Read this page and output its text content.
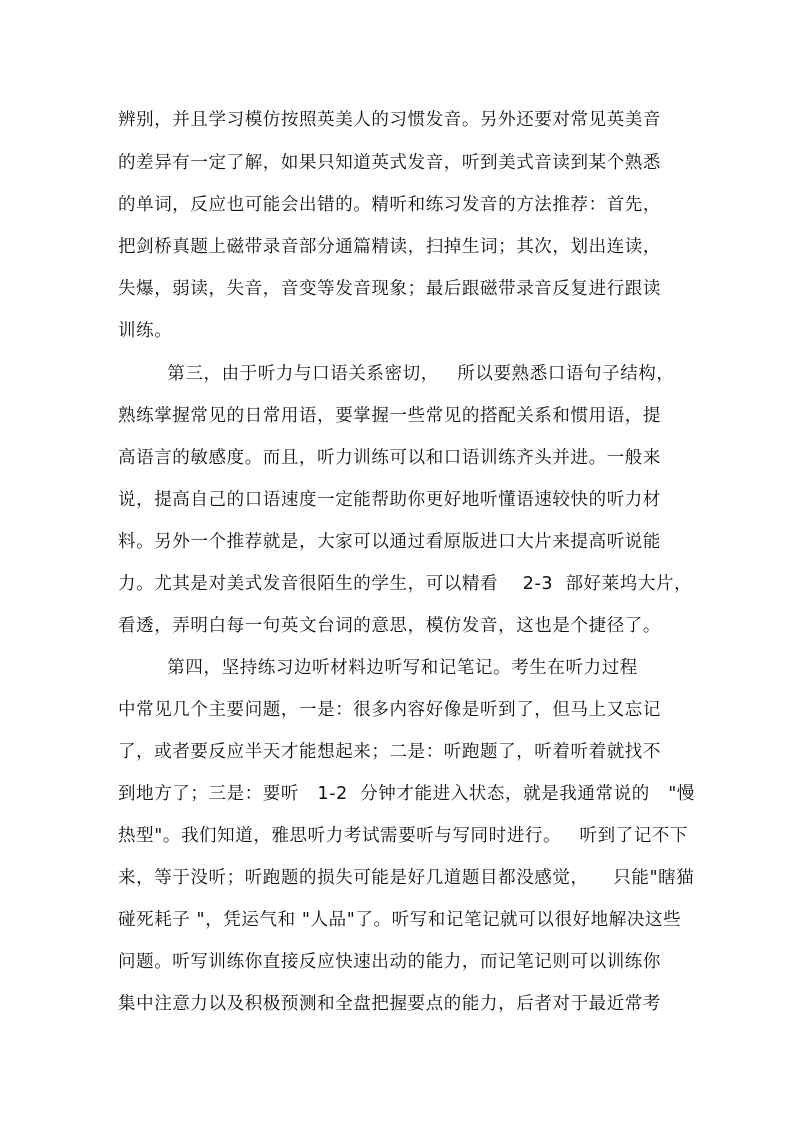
辨别，并且学习模仿按照英美人的习惯发音。另外还要对常见英美音
的差异有一定了解，如果只知道英式发音，听到美式音读到某个熟悉
的单词，反应也可能会出错的。精听和练习发音的方法推荐：首先，
把剑桥真题上磁带录音部分通篇精读，扫掉生词；其次，划出连读，
失爆，弱读，失音，音变等发音现象；最后跟磁带录音反复进行跟读
训练。
第三，由于听力与口语关系密切，   所以要熟悉口语句子结构，
熟练掌握常见的日常用语，要掌握一些常见的搭配关系和惯用语，提
高语言的敏感度。而且，听力训练可以和口语训练齐头并进。一般来
说，提高自己的口语速度一定能帮助你更好地听懂语速较快的听力材
料。另外一个推荐就是，大家可以通过看原版进口大片来提高听说能
力。尤其是对美式发音很陌生的学生，可以精看    2-3  部好莱坞大片，
看透，弄明白每一句英文台词的意思，模仿发音，这也是个捷径了。
第四，坚持练习边听材料边听写和记笔记。考生在听力过程
中常见几个主要问题，一是：很多内容好像是听到了，但马上又忘记
了，或者要反应半天才能想起来；二是：听跑题了，听着听着就找不
到地方了；三是：要听   1-2  分钟才能进入状态，就是我通常说的   "慢
热型"。我们知道，雅思听力考试需要听与写同时进行。   听到了记不下
来，等于没听；听跑题的损失可能是好几道题目都没感觉，    只能"瞎猫
碰死耗子 "，凭运气和 "人品"了。听写和记笔记就可以很好地解决这些
问题。听写训练你直接反应快速出动的能力，而记笔记则可以训练你
集中注意力以及积极预测和全盘把握要点的能力，后者对于最近常考
